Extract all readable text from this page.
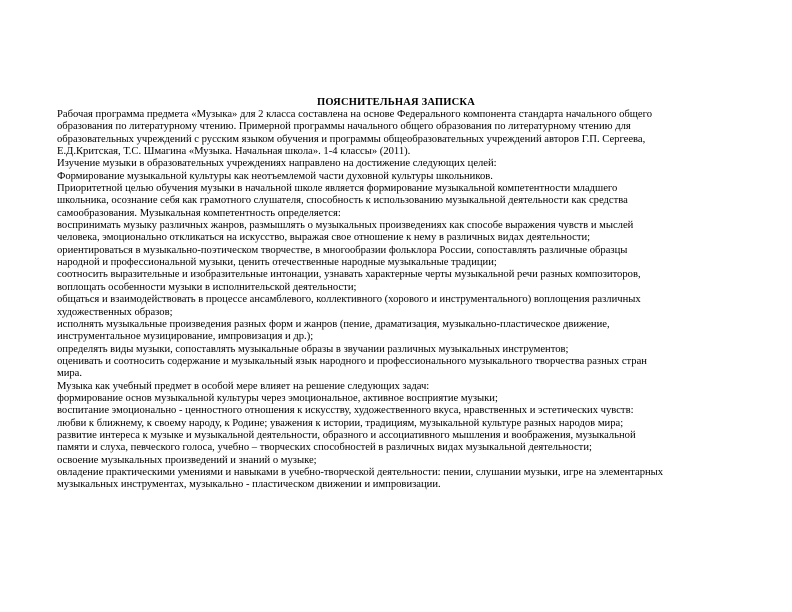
ПОЯСНИТЕЛЬНАЯ ЗАПИСКА
Рабочая программа предмета «Музыка» для 2 класса составлена на основе Федерального компонента стандарта начального общего
образования по литературному чтению. Примерной программы начального общего образования по литературному чтению для
образовательных учреждений с русским языком обучения и программы общеобразовательных учреждений авторов Г.П. Сергеева,
Е.Д.Критская, Т.С. Шмагина «Музыка. Начальная школа». 1-4 классы» (2011).
Изучение музыки в образовательных учреждениях направлено на достижение следующих целей:
Формирование музыкальной культуры как неотъемлемой части духовной культуры школьников.
Приоритетной целью обучения музыки в начальной школе является формирование музыкальной компетентности младшего
школьника, осознание себя как грамотного слушателя, способность к использованию музыкальной деятельности как средства
самообразования. Музыкальная компетентность определяется:
воспринимать музыку различных жанров, размышлять о музыкальных произведениях как способе выражения чувств и мыслей
человека, эмоционально откликаться на искусство, выражая свое отношение к нему в различных видах деятельности;
ориентироваться в музыкально-поэтическом творчестве, в многообразии фольклора России, сопоставлять различные образцы
народной и профессиональной музыки, ценить отечественные народные музыкальные традиции;
соотносить выразительные и изобразительные интонации, узнавать характерные черты музыкальной речи разных композиторов,
воплощать особенности музыки в исполнительской деятельности;
общаться и взаимодействовать в процессе ансамблевого, коллективного (хорового и инструментального) воплощения различных
художественных образов;
исполнять музыкальные произведения разных форм и жанров (пение, драматизация, музыкально-пластическое движение,
инструментальное музицирование, импровизация и др.);
определять виды музыки, сопоставлять музыкальные образы в звучании различных музыкальных инструментов;
оценивать и соотносить содержание и музыкальный язык народного и профессионального музыкального творчества разных стран
мира.
Музыка как учебный предмет в особой мере влияет на решение следующих задач:
формирование основ музыкальной культуры через эмоциональное, активное восприятие музыки;
воспитание эмоционально - ценностного отношения к искусству, художественного вкуса, нравственных и эстетических чувств:
любви к ближнему, к своему народу, к Родине; уважения к истории, традициям, музыкальной культуре разных народов мира;
развитие интереса к музыке и музыкальной деятельности, образного и ассоциативного мышления и воображения, музыкальной
памяти и слуха, певческого голоса, учебно – творческих способностей в различных видах музыкальной деятельности;
освоение музыкальных произведений и знаний о музыке;
овладение практическими умениями и навыками в учебно-творческой деятельности: пении, слушании музыки, игре на элементарных
музыкальных инструментах, музыкально - пластическом движении и импровизации.
